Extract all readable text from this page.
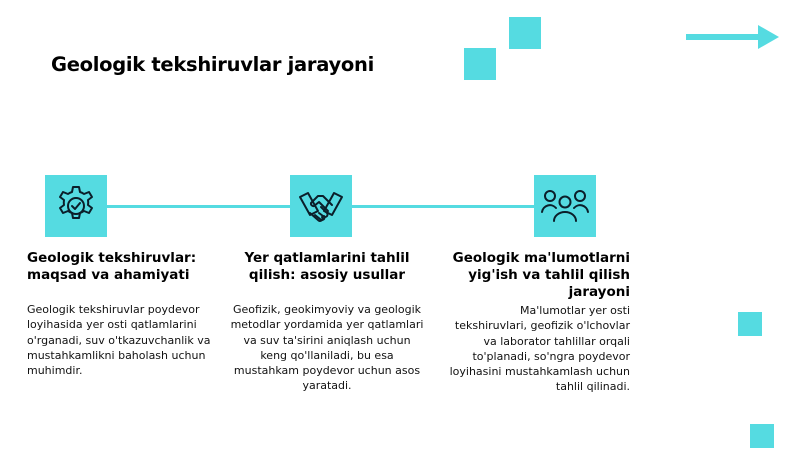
Geologik tekshiruvlar jarayoni
Geologik tekshiruvlar: maqsad va ahamiyati

Geologik tekshiruvlar poydevor loyihasida yer osti qatlamlarini o'rganadi, suv o'tkazuvchanlik va mustahkamlikni baholash uchun muhimdir.

Yer qatlamlarini tahlil qilish: asosiy usullar

Geofizik, geokimyoviy va geologik metodlar yordamida yer qatlamlari va suv ta'sirini aniqlash uchun keng qo'llaniladi, bu esa mustahkam poydevor uchun asos yaratadi.

Geologik ma'lumotlarni yig'ish va tahlil qilish jarayoni

Ma'lumotlar yer osti tekshiruvlari, geofizik o'lchovlar va laborator tahlillar orqali to'planadi, so'ngra poydevor loyihasini mustahkamlash uchun tahlil qilinadi.
